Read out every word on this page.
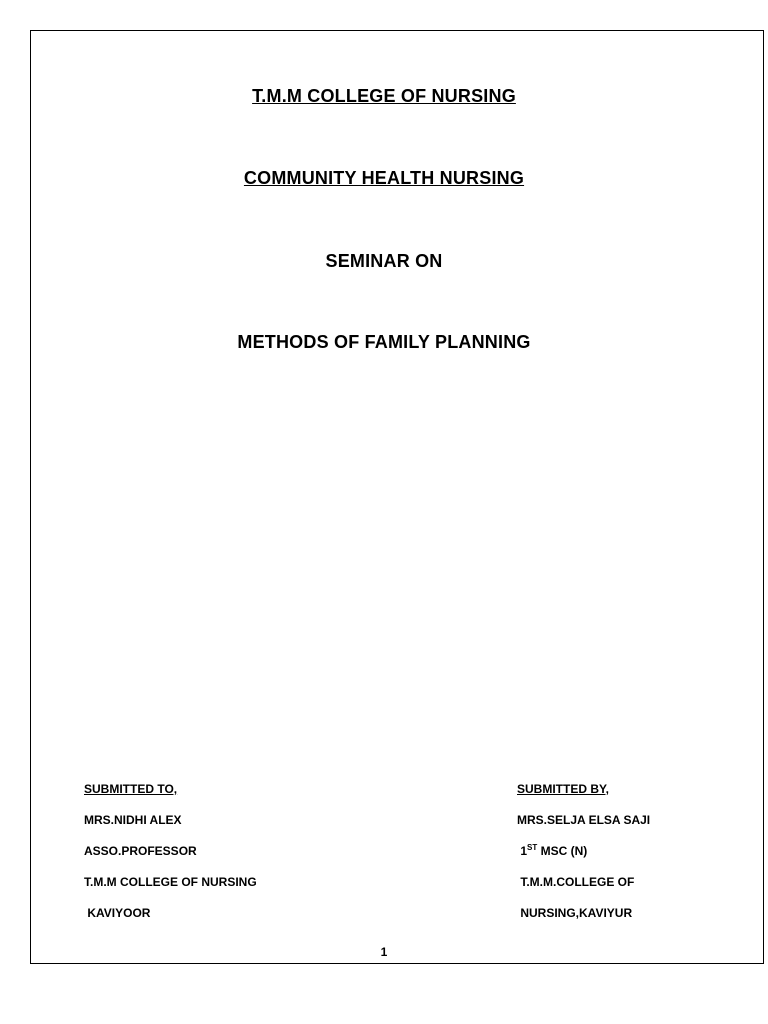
T.M.M COLLEGE OF NURSING
COMMUNITY HEALTH NURSING
SEMINAR ON
METHODS OF FAMILY PLANNING
SUBMITTED TO,
MRS.NIDHI ALEX
ASSO.PROFESSOR
T.M.M COLLEGE OF NURSING
KAVIYOOR
SUBMITTED BY,
MRS.SELJA ELSA SAJI
1ST MSC (N)
T.M.M.COLLEGE OF
NURSING,KAVIYUR
1
